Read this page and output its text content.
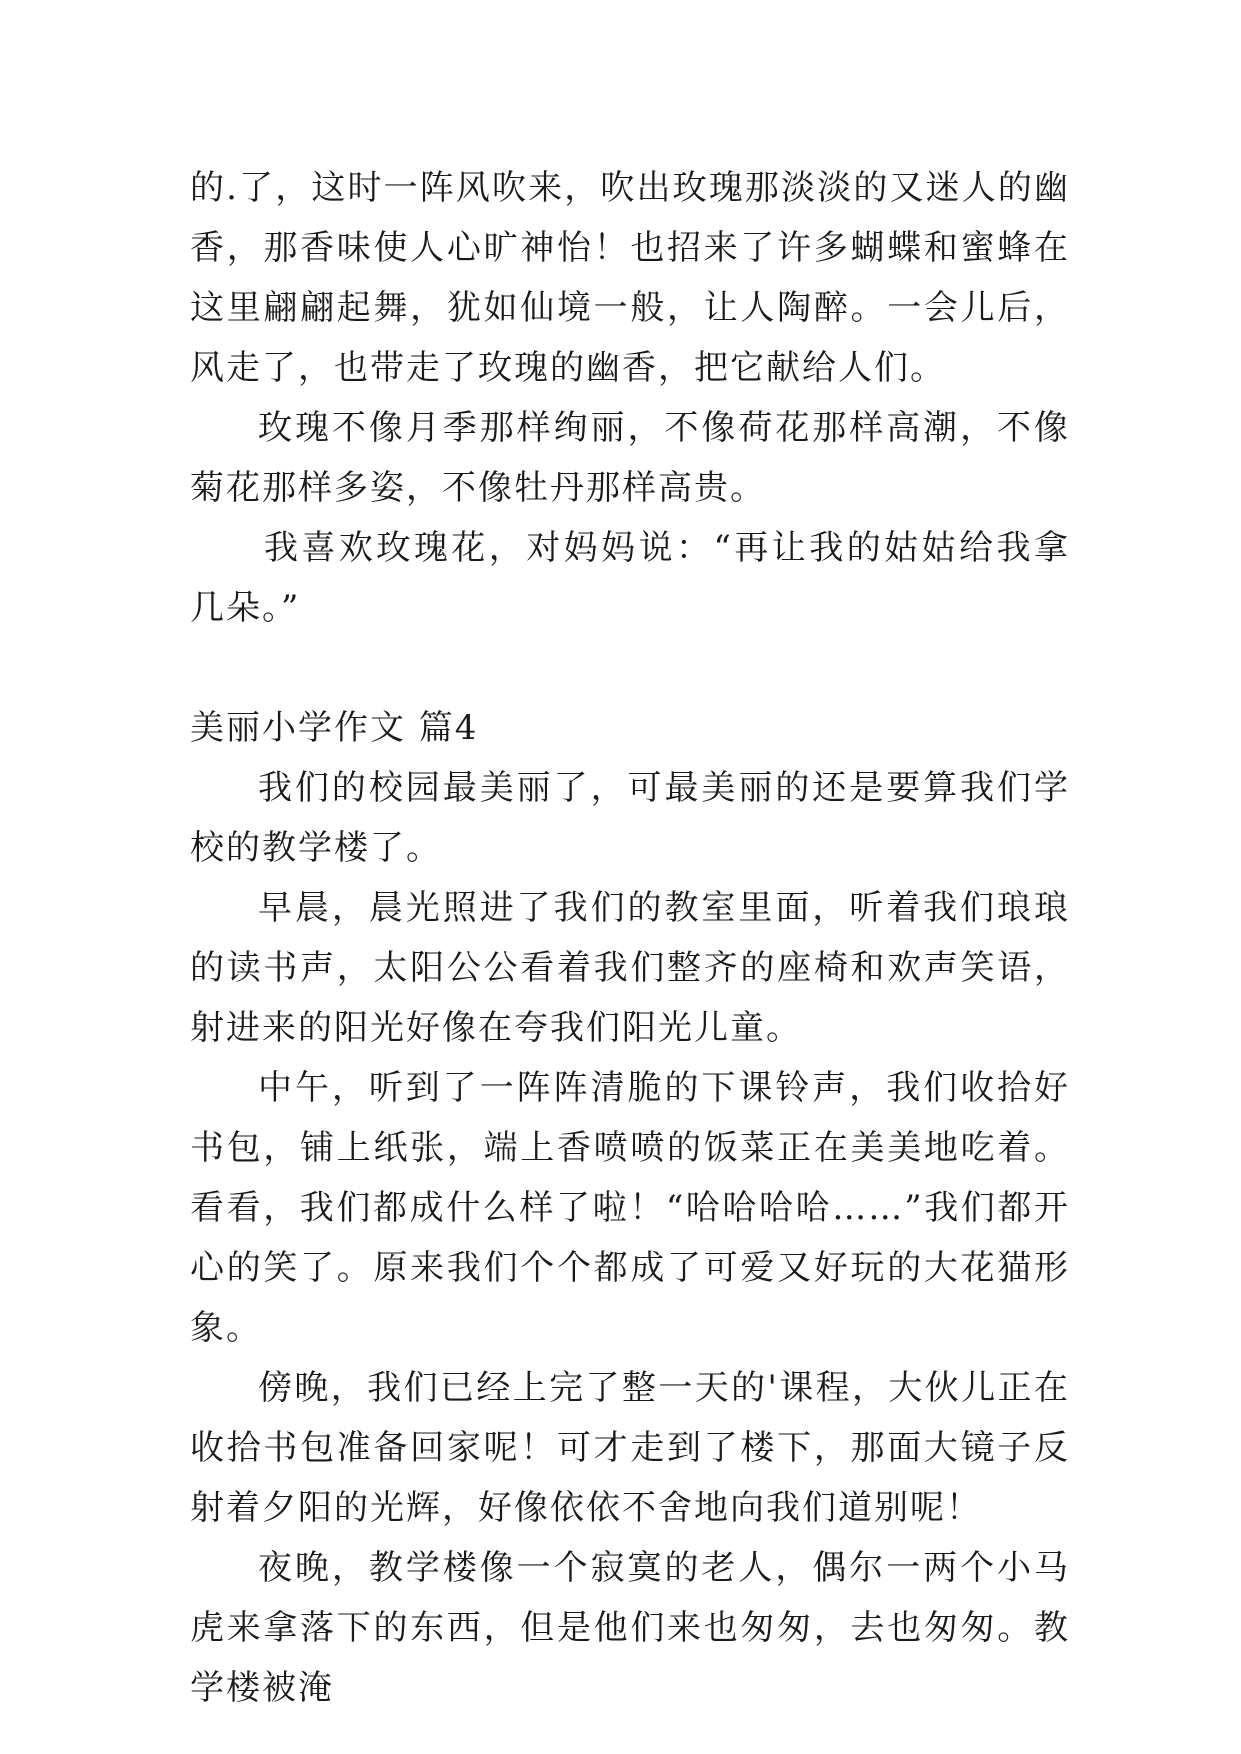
的.了，这时一阵风吹来，吹出玫瑰那淡淡的又迷人的幽香，那香味使人心旷神怡！也招来了许多蝴蝶和蜜蜂在这里翩翩起舞，犹如仙境一般，让人陶醉。一会儿后，风走了，也带走了玫瑰的幽香，把它献给人们。

玫瑰不像月季那样绚丽，不像荷花那样高潮，不像菊花那样多姿，不像牡丹那样高贵。

我喜欢玫瑰花，对妈妈说：“再让我的姑姑给我拿几朵。”

美丽小学作文 篇4

我们的校园最美丽了，可最美丽的还是要算我们学校的教学楼了。

早晨，晨光照进了我们的教室里面，听着我们琅琅的读书声，太阳公公看着我们整齐的座椅和欢声笑语，射进来的阳光好像在夸我们阳光儿童。

中午，听到了一阵阵清脆的下课铃声，我们收拾好书包，铺上纸张，端上香喷喷的饭菜正在美美地吃着。看看，我们都成什么样了啦！“哈哈哈哈……”我们都开心的笑了。原来我们个个都成了可爱又好玩的大花猫形象。

傍晚，我们已经上完了整一天的'课程，大伙儿正在收拾书包准备回家呢！可才走到了楼下，那面大镜子反射着夕阳的光辉，好像依依不舍地向我们道别呢！

夜晚，教学楼像一个寂寞的老人，偶尔一两个小马虎来拿落下的东西，但是他们来也匆匆，去也匆匆。教学楼被淹
